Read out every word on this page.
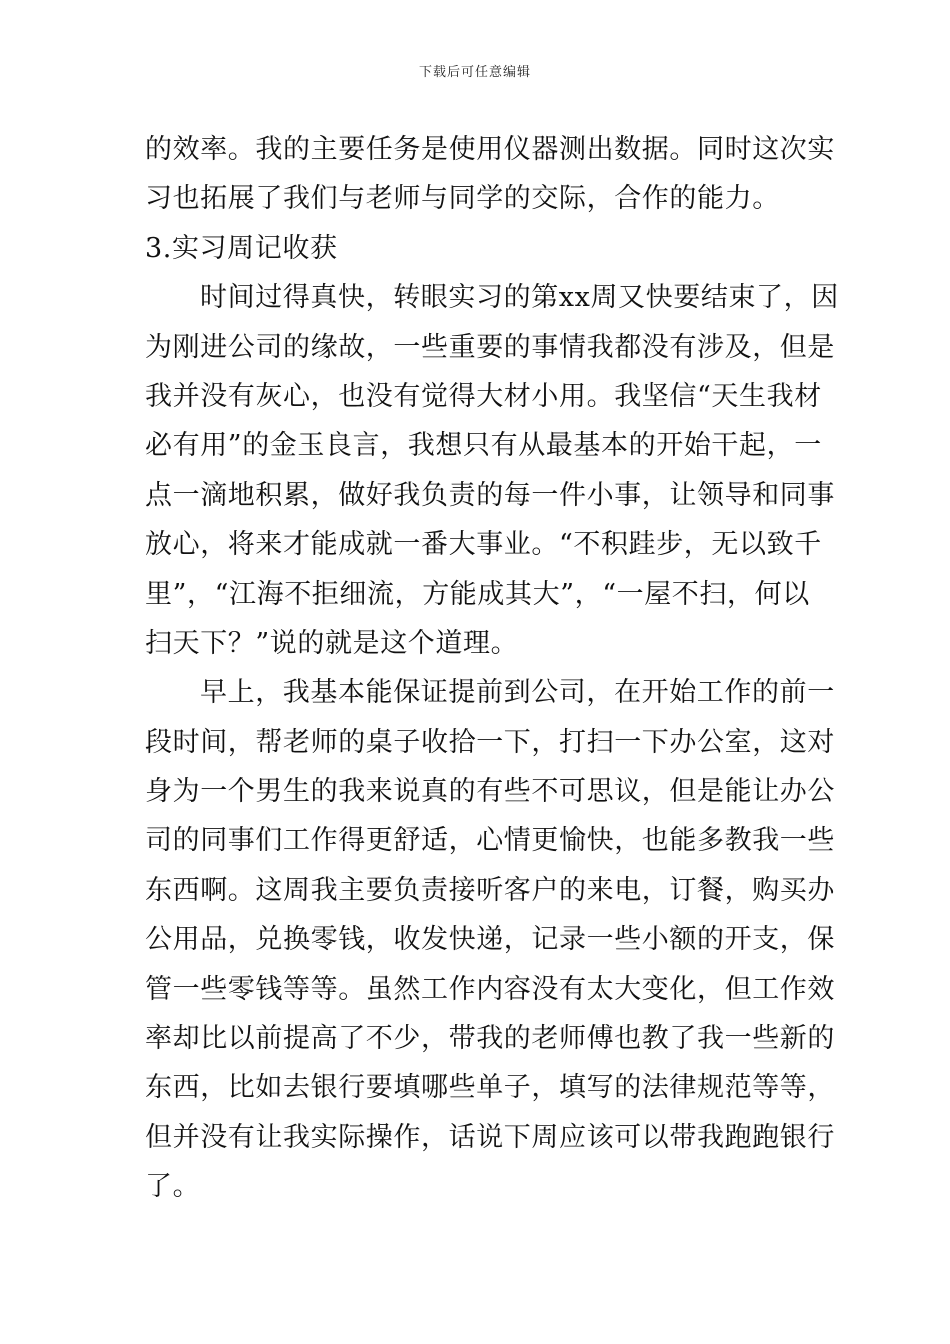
下载后可任意编辑
的效率。我的主要任务是使用仪器测出数据。同时这次实
习也拓展了我们与老师与同学的交际，合作的能力。
3.实习周记收获
时间过得真快，转眼实习的第xx周又快要结束了，因
为刚进公司的缘故，一些重要的事情我都没有涉及，但是
我并没有灰心，也没有觉得大材小用。我坚信“天生我材
必有用”的金玉良言，我想只有从最基本的开始干起，一
点一滴地积累，做好我负责的每一件小事，让领导和同事
放心，将来才能成就一番大事业。“不积跬步，无以致千
里”，“江海不拒细流，方能成其大”，“一屋不扫，何以
扫天下？”说的就是这个道理。
早上，我基本能保证提前到公司，在开始工作的前一
段时间，帮老师的桌子收拾一下，打扫一下办公室，这对
身为一个男生的我来说真的有些不可思议，但是能让办公
司的同事们工作得更舒适，心情更愉快，也能多教我一些
东西啊。这周我主要负责接听客户的来电，订餐，购买办
公用品，兑换零钱，收发快递，记录一些小额的开支，保
管一些零钱等等。虽然工作内容没有太大变化，但工作效
率却比以前提高了不少，带我的老师傅也教了我一些新的
东西，比如去银行要填哪些单子，填写的法律规范等等，
但并没有让我实际操作，话说下周应该可以带我跑跑银行
了。
